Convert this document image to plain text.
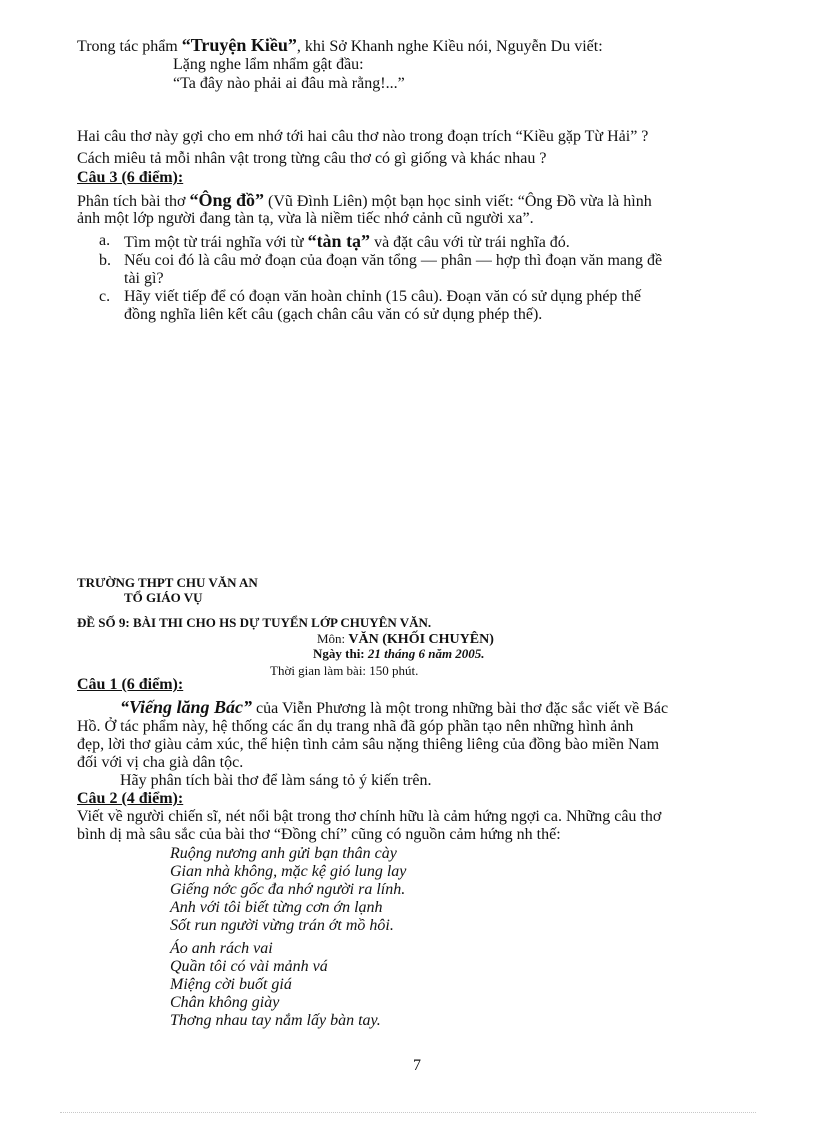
Trong tác phẩm “Truyện Kiều”, khi Sở Khanh nghe Kiều nói, Nguyễn Du viết:
Lặng nghe lẩm nhẩm gật đầu:
“Ta đây nào phải ai đâu mà rằng!...”
Hai câu thơ này gợi cho em nhớ tới hai câu thơ nào trong đoạn trích “Kiều gặp Từ Hải” ?
Cách miêu tả mỗi nhân vật trong từng câu thơ có gì giống và khác nhau ?
Câu 3 (6 điểm):
Phân tích bài thơ “Ông đồ” (Vũ Đình Liên) một bạn học sinh viết: “Ông Đồ vừa là hình
ảnh một lớp người đang tàn tạ, vừa là niềm tiếc nhớ cảnh cũ người xa”.
a. Tìm một từ trái nghĩa với từ “tàn tạ” và đặt câu với từ trái nghĩa đó.
b. Nếu coi đó là câu mở đoạn của đoạn văn tổng — phân — hợp thì đoạn văn mang đề
tài gì?
c. Hãy viết tiếp để có đoạn văn hoàn chỉnh (15 câu). Đoạn văn có sử dụng phép thế
đồng nghĩa liên kết câu (gạch chân câu văn có sử dụng phép thế).
TRƯỜNG THPT CHU VĂN AN
TỔ GIÁO VỤ
ĐỀ SỐ 9: BÀI THI CHO HS DỰ TUYỂN LỚP CHUYÊN VĂN.
Môn: VĂN (KHỐI CHUYÊN)
Ngày thi: 21 tháng 6 năm 2005.
Thời gian làm bài: 150 phút.
Câu 1 (6 điểm):
“Viếng lăng Bác” của Viễn Phương là một trong những bài thơ đặc sắc viết về Bác
Hồ. Ở tác phẩm này, hệ thống các ẩn dụ trang nhã đã góp phần tạo nên những hình ảnh
đẹp, lời thơ giàu cảm xúc, thể hiện tình cảm sâu nặng thiêng liêng của đồng bào miền Nam
đối với vị cha già dân tộc.
Hãy phân tích bài thơ để làm sáng tỏ ý kiến trên.
Câu 2 (4 điểm):
Viết về người chiến sĩ, nét nổi bật trong thơ chính hữu là cảm hứng ngợi ca. Những câu thơ
bình dị mà sâu sắc của bài thơ “Đồng chí” cũng có nguồn cảm hứng nh thế:
Ruộng nương anh gửi bạn thân cày
Gian nhà không, mặc kệ gió lung lay
Giếng nớc gốc đa nhớ người ra lính.
Anh với tôi biết từng cơn ớn lạnh
Sốt run người vừng trán ớt mồ hôi.
Áo anh rách vai
Quần tôi có vài mảnh vá
Miệng cời buốt giá
Chân không giày
Thơng nhau tay nắm lấy bàn tay.
7
